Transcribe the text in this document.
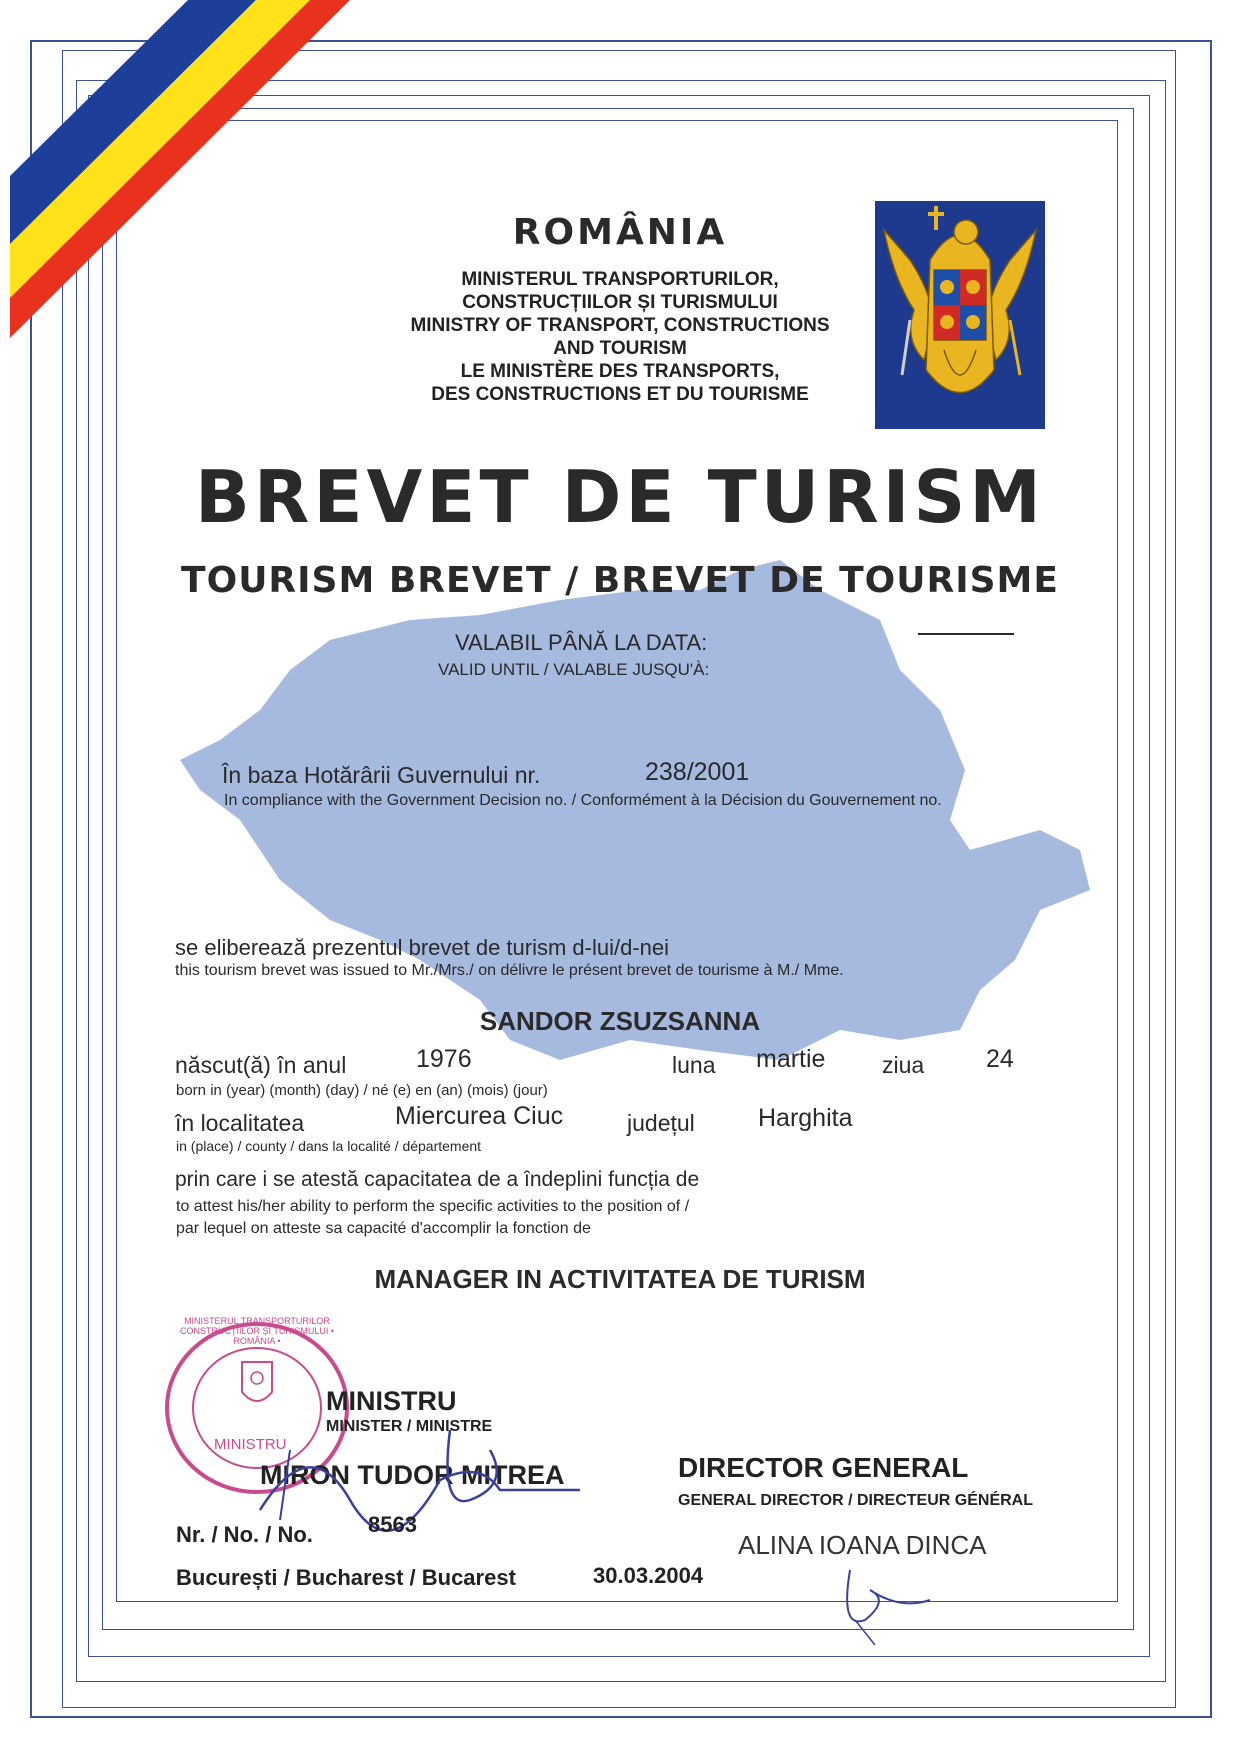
ROMÂNIA
MINISTERUL TRANSPORTURILOR,
CONSTRUCȚIILOR ȘI TURISMULUI
MINISTRY OF TRANSPORT, CONSTRUCTIONS
AND TOURISM
LE MINISTÈRE DES TRANSPORTS,
DES CONSTRUCTIONS ET DU TOURISME
BREVET DE TURISM
TOURISM BREVET / BREVET DE TOURISME
VALABIL PÂNĂ LA DATA:
VALID UNTIL / VALABLE JUSQU'À:
În baza Hotărârii Guvernului nr.	238/2001
In compliance with the Government Decision no. / Conformément à la Décision du Gouvernement no.
se eliberează prezentul brevet de turism d-lui/d-nei
this tourism brevet was issued to Mr./Mrs./ on délivre le présent brevet de tourisme à M./ Mme.
SANDOR ZSUZSANNA
născut(ă) în anul	1976	luna martie ziua 24
born in (year) (month) (day) / né (e) en (an) (mois) (jour)
în localitatea	Miercurea Ciuc	județul	Harghita
in (place) / county / dans la localité / département
prin care i se atestă capacitatea de a îndeplini funcția de
to attest his/her ability to perform the specific activities to the position of /
par lequel on atteste sa capacité d'accomplir la fonction de
MANAGER IN ACTIVITATEA DE TURISM
MINISTERUL TRANSPORTURILOR CONSTRUCȚIILOR ȘI TURISMULUI • ROMÂNIA •
MINISTRU
MINISTRU
MINISTER / MINISTRE
MIRON TUDOR MITREA
Nr. / No. / No.	8563
București / Bucharest / Bucarest	30.03.2004
DIRECTOR GENERAL
GENERAL DIRECTOR / DIRECTEUR GÉNÉRAL
ALINA IOANA DINCA
